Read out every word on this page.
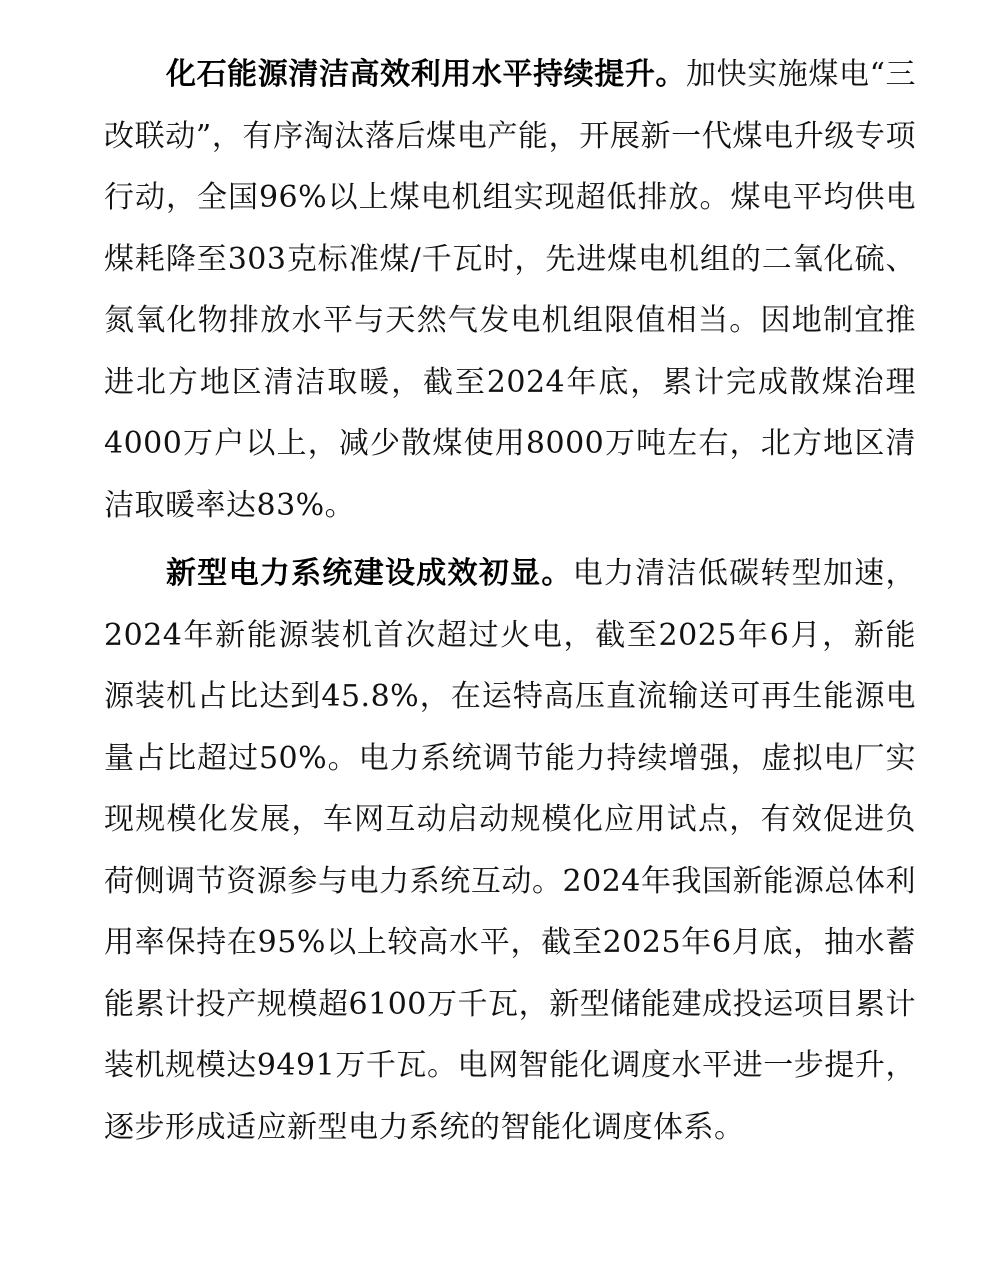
化石能源清洁高效利用水平持续提升。加快实施煤电“三改联动”，有序淘汰落后煤电产能，开展新一代煤电升级专项行动，全国96%以上煤电机组实现超低排放。煤电平均供电煤耗降至303克标准煤/千瓦时，先进煤电机组的二氧化硫、氮氧化物排放水平与天然气发电机组限值相当。因地制宜推进北方地区清洁取暖，截至2024年底，累计完成散煤治理4000万户以上，减少散煤使用8000万吨左右，北方地区清洁取暖率达83%。

新型电力系统建设成效初显。电力清洁低碳转型加速，2024年新能源装机首次超过火电，截至2025年6月，新能源装机占比达到45.8%，在运特高压直流输送可再生能源电量占比超过50%。电力系统调节能力持续增强，虚拟电厂实现规模化发展，车网互动启动规模化应用试点，有效促进负荷侧调节资源参与电力系统互动。2024年我国新能源总体利用率保持在95%以上较高水平，截至2025年6月底，抽水蓄能累计投产规模超6100万千瓦，新型储能建成投运项目累计装机规模达9491万千瓦。电网智能化调度水平进一步提升，逐步形成适应新型电力系统的智能化调度体系。
